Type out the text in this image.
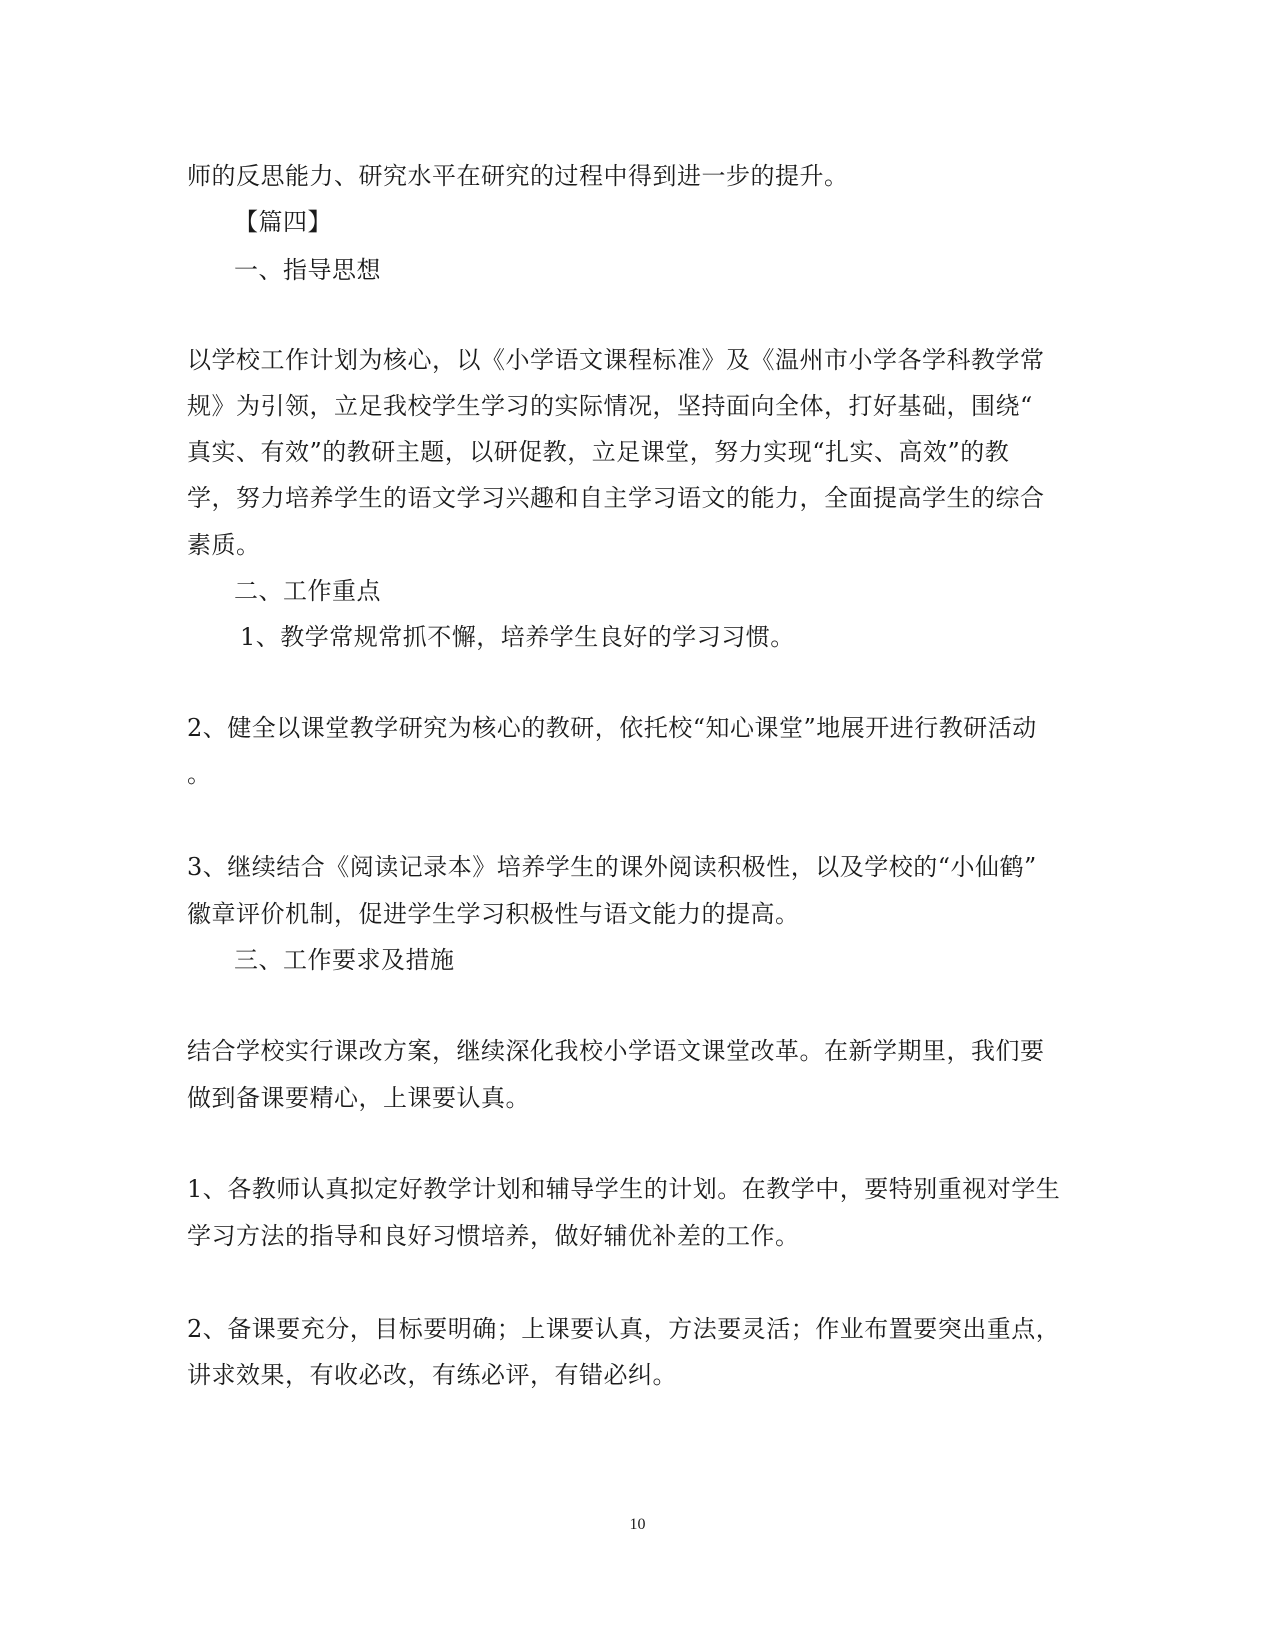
师的反思能力、研究水平在研究的过程中得到进一步的提升。
【篇四】
一、指导思想
以学校工作计划为核心，以《小学语文课程标准》及《温州市小学各学科教学常
规》为引领，立足我校学生学习的实际情况，坚持面向全体，打好基础，围绕“
真实、有效”的教研主题，以研促教，立足课堂，努力实现“扎实、高效”的教
学，努力培养学生的语文学习兴趣和自主学习语文的能力，全面提高学生的综合
素质。
二、工作重点
1、教学常规常抓不懈，培养学生良好的学习习惯。
2、健全以课堂教学研究为核心的教研，依托校“知心课堂”地展开进行教研活动
。
3、继续结合《阅读记录本》培养学生的课外阅读积极性，以及学校的“小仙鹤”
徽章评价机制，促进学生学习积极性与语文能力的提高。
三、工作要求及措施
结合学校实行课改方案，继续深化我校小学语文课堂改革。在新学期里，我们要
做到备课要精心，上课要认真。
1、各教师认真拟定好教学计划和辅导学生的计划。在教学中，要特别重视对学生
学习方法的指导和良好习惯培养，做好辅优补差的工作。
2、备课要充分，目标要明确；上课要认真，方法要灵活；作业布置要突出重点，
讲求效果，有收必改，有练必评，有错必纠。
10
